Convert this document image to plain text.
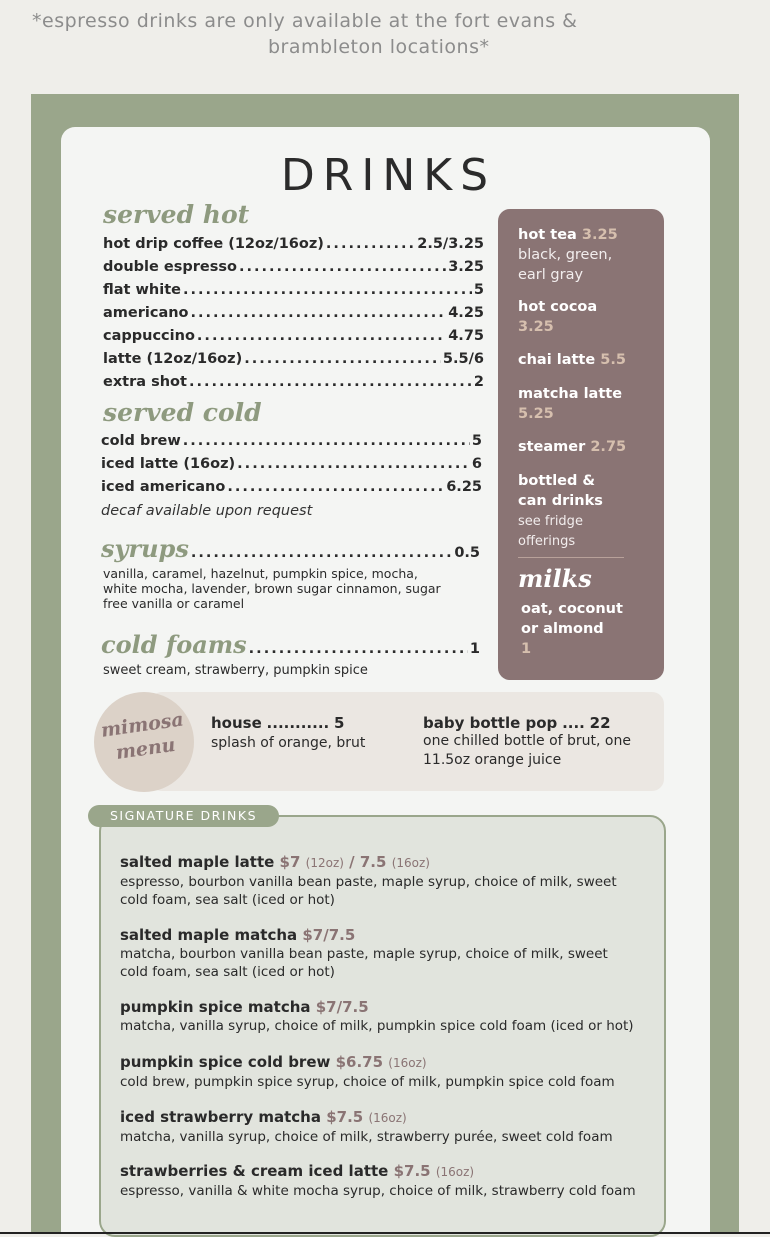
*espresso drinks are only available at the fort evans &
brambleton locations*
DRINKS
served hot
hot drip coffee (12oz/16oz) .....	2.5/3.25
double espresso .....	3.25
flat white .....	5
americano .....	4.25
cappuccino .....	4.75
latte (12oz/16oz) .....	5.5/6
extra shot .....	2
served cold
cold brew .....	5
iced latte (16oz) .....	6
iced americano .....	6.25
decaf available upon request
syrups .....	0.5
vanilla, caramel, hazelnut, pumpkin spice, mocha,
white mocha, lavender, brown sugar cinnamon, sugar
free vanilla or caramel
cold foams .....	1
sweet cream, strawberry, pumpkin spice
hot tea 3.25
black, green,
earl gray
hot cocoa
3.25
chai latte 5.5
matcha latte
5.25
steamer 2.75
bottled &
can drinks
see fridge
offerings
milks
oat, coconut
or almond
1
mimosa
menu
house ........... 5
splash of orange, brut
baby bottle pop .... 22
one chilled bottle of brut, one
11.5oz orange juice
SIGNATURE DRINKS
salted maple latte $7 (12oz) / 7.5 (16oz)
espresso, bourbon vanilla bean paste, maple syrup, choice of milk, sweet
cold foam, sea salt (iced or hot)
salted maple matcha $7/7.5
matcha, bourbon vanilla bean paste, maple syrup, choice of milk, sweet
cold foam, sea salt (iced or hot)
pumpkin spice matcha $7/7.5
matcha, vanilla syrup, choice of milk, pumpkin spice cold foam (iced or hot)
pumpkin spice cold brew $6.75 (16oz)
cold brew, pumpkin spice syrup, choice of milk, pumpkin spice cold foam
iced strawberry matcha $7.5 (16oz)
matcha, vanilla syrup, choice of milk, strawberry purée, sweet cold foam
strawberries & cream iced latte $7.5 (16oz)
espresso, vanilla & white mocha syrup, choice of milk, strawberry cold foam
